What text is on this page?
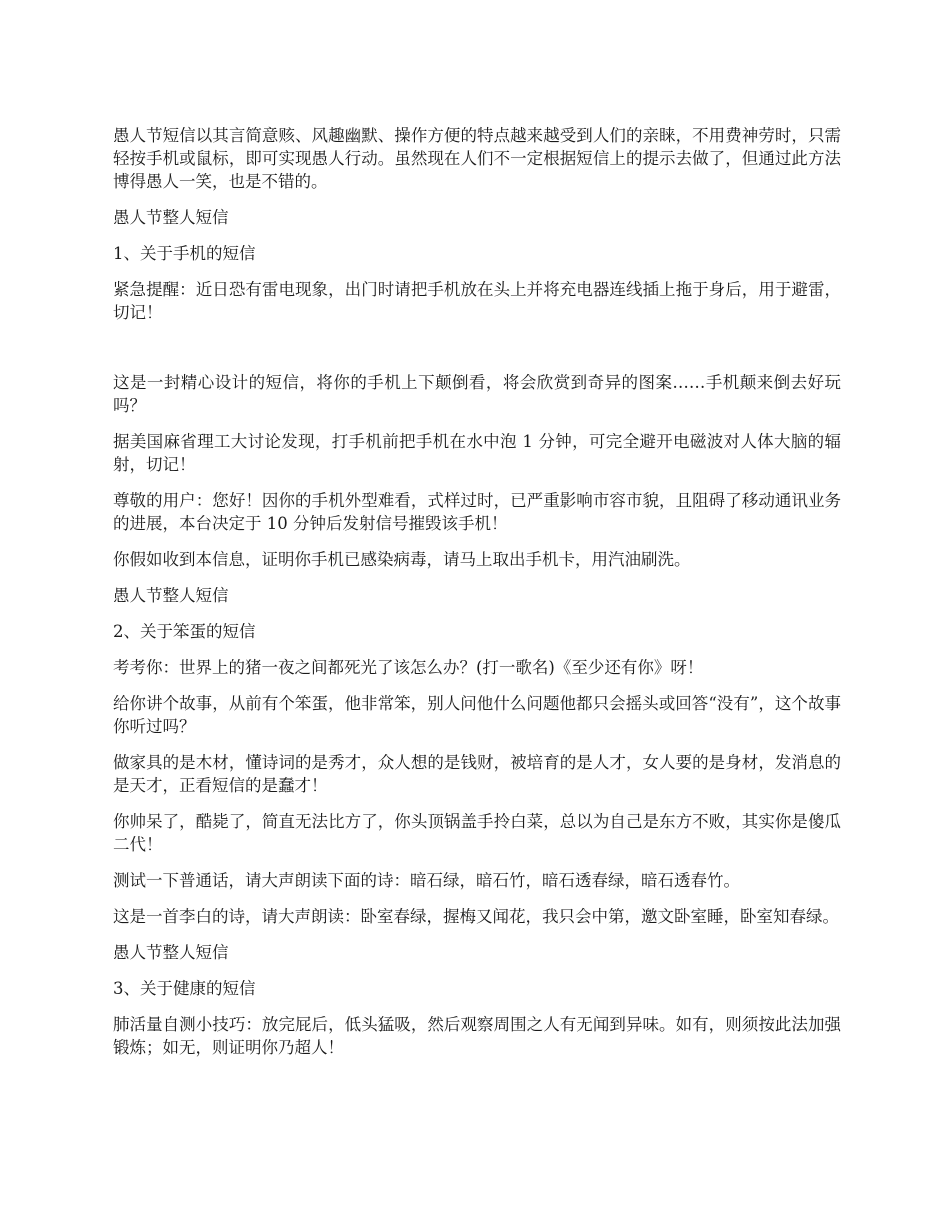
愚人节短信以其言简意赅、风趣幽默、操作方便的特点越来越受到人们的亲睐，不用费神劳时，只需轻按手机或鼠标，即可实现愚人行动。虽然现在人们不一定根据短信上的提示去做了，但通过此方法博得愚人一笑，也是不错的。

愚人节整人短信

1、关于手机的短信

紧急提醒：近日恐有雷电现象，出门时请把手机放在头上并将充电器连线插上拖于身后，用于避雷，切记！

这是一封精心设计的短信，将你的手机上下颠倒看，将会欣赏到奇异的图案……手机颠来倒去好玩吗？

据美国麻省理工大讨论发现，打手机前把手机在水中泡 1 分钟，可完全避开电磁波对人体大脑的辐射，切记！

尊敬的用户：您好！因你的手机外型难看，式样过时，已严重影响市容市貌，且阻碍了移动通讯业务的进展，本台决定于 10 分钟后发射信号摧毁该手机！

你假如收到本信息，证明你手机已感染病毒，请马上取出手机卡，用汽油刷洗。

愚人节整人短信

2、关于笨蛋的短信

考考你：世界上的猪一夜之间都死光了该怎么办？(打一歌名)《至少还有你》呀！

给你讲个故事，从前有个笨蛋，他非常笨，别人问他什么问题他都只会摇头或回答“没有”，这个故事你听过吗？

做家具的是木材，懂诗词的是秀才，众人想的是钱财，被培育的是人才，女人要的是身材，发消息的是天才，正看短信的是蠢才！

你帅呆了，酷毙了，简直无法比方了，你头顶锅盖手拎白菜，总以为自己是东方不败，其实你是傻瓜二代！

测试一下普通话，请大声朗读下面的诗：暗石绿，暗石竹，暗石透春绿，暗石透春竹。

这是一首李白的诗，请大声朗读：卧室春绿，握梅又闻花，我只会中第，邀文卧室睡，卧室知春绿。

愚人节整人短信

3、关于健康的短信

肺活量自测小技巧：放完屁后，低头猛吸，然后观察周围之人有无闻到异味。如有，则须按此法加强锻炼；如无，则证明你乃超人！
